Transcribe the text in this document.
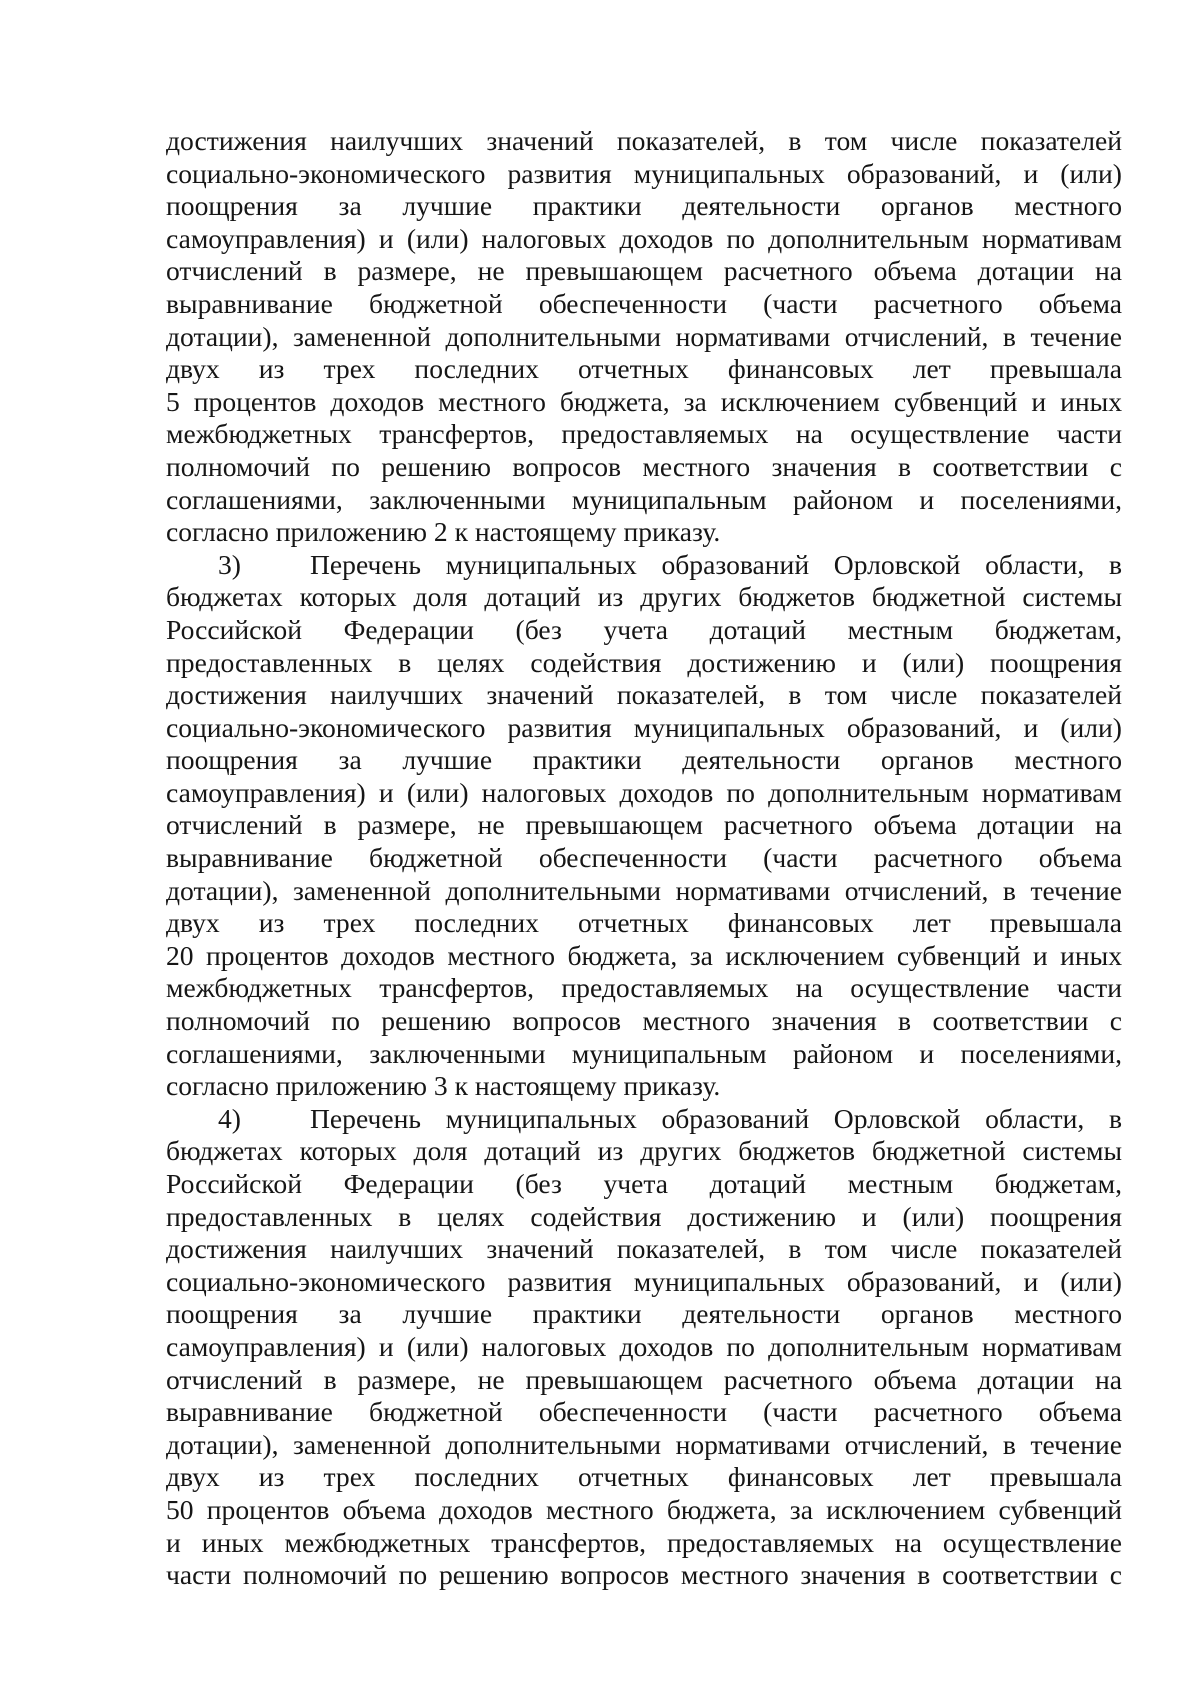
достижения наилучших значений показателей, в том числе показателей
социально-экономического развития муниципальных образований, и (или)
поощрения за лучшие практики деятельности органов местного
самоуправления) и (или) налоговых доходов по дополнительным нормативам
отчислений в размере, не превышающем расчетного объема дотации на
выравнивание бюджетной обеспеченности (части расчетного объема
дотации), замененной дополнительными нормативами отчислений, в течение
двух из трех последних отчетных финансовых лет превышала
5 процентов доходов местного бюджета, за исключением субвенций и иных
межбюджетных трансфертов, предоставляемых на осуществление части
полномочий по решению вопросов местного значения в соответствии с
соглашениями, заключенными муниципальным районом и поселениями,
согласно приложению 2 к настоящему приказу.
3)	Перечень муниципальных образований Орловской области, в
бюджетах которых доля дотаций из других бюджетов бюджетной системы
Российской Федерации (без учета дотаций местным бюджетам,
предоставленных в целях содействия достижению и (или) поощрения
достижения наилучших значений показателей, в том числе показателей
социально-экономического развития муниципальных образований, и (или)
поощрения за лучшие практики деятельности органов местного
самоуправления) и (или) налоговых доходов по дополнительным нормативам
отчислений в размере, не превышающем расчетного объема дотации на
выравнивание бюджетной обеспеченности (части расчетного объема
дотации), замененной дополнительными нормативами отчислений, в течение
двух из трех последних отчетных финансовых лет превышала
20 процентов доходов местного бюджета, за исключением субвенций и иных
межбюджетных трансфертов, предоставляемых на осуществление части
полномочий по решению вопросов местного значения в соответствии с
соглашениями, заключенными муниципальным районом и поселениями,
согласно приложению 3 к настоящему приказу.
4)	Перечень муниципальных образований Орловской области, в
бюджетах которых доля дотаций из других бюджетов бюджетной системы
Российской Федерации (без учета дотаций местным бюджетам,
предоставленных в целях содействия достижению и (или) поощрения
достижения наилучших значений показателей, в том числе показателей
социально-экономического развития муниципальных образований, и (или)
поощрения за лучшие практики деятельности органов местного
самоуправления) и (или) налоговых доходов по дополнительным нормативам
отчислений в размере, не превышающем расчетного объема дотации на
выравнивание бюджетной обеспеченности (части расчетного объема
дотации), замененной дополнительными нормативами отчислений, в течение
двух из трех последних отчетных финансовых лет превышала
50 процентов объема доходов местного бюджета, за исключением субвенций
и иных межбюджетных трансфертов, предоставляемых на осуществление
части полномочий по решению вопросов местного значения в соответствии с
